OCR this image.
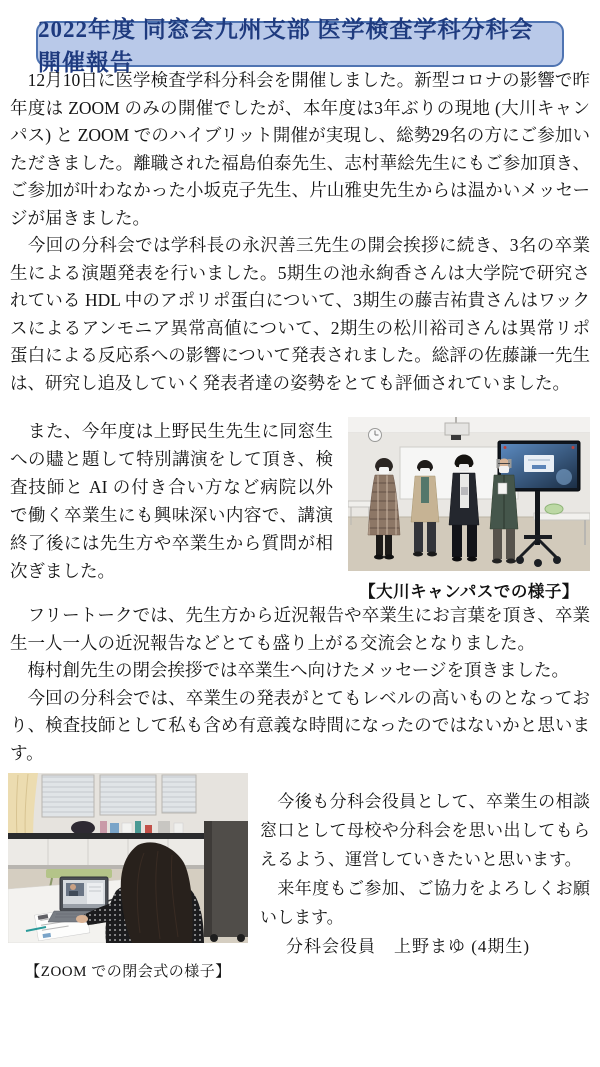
2022年度 同窓会九州支部 医学検査学科分科会 開催報告

　12月10日に医学検査学科分科会を開催しました。新型コロナの影響で昨年度は ZOOM のみの開催でしたが、本年度は3年ぶりの現地 (大川キャンパス) と ZOOM でのハイブリット開催が実現し、総勢29名の方にご参加いただきました。離職された福島伯泰先生、志村華絵先生にもご参加頂き、ご参加が叶わなかった小坂克子先生、片山雅史先生からは温かいメッセージが届きました。

　今回の分科会では学科長の永沢善三先生の開会挨拶に続き、3名の卒業生による演題発表を行いました。5期生の池永絢香さんは大学院で研究されている HDL 中のアポリポ蛋白について、3期生の藤吉祐貴さんはワックスによるアンモニア異常高値について、2期生の松川裕司さんは異常リポ蛋白による反応系への影響について発表されました。総評の佐藤謙一先生は、研究し追及していく発表者達の姿勢をとても評価されていました。

　また、今年度は上野民生先生に同窓生への贐と題して特別講演をして頂き、検査技師と AI の付き合い方など病院以外で働く卒業生にも興味深い内容で、講演終了後には先生方や卒業生から質問が相次ぎました。

【大川キャンパスでの様子】

　フリートークでは、先生方から近況報告や卒業生にお言葉を頂き、卒業生一人一人の近況報告などとても盛り上がる交流会となりました。

　梅村創先生の閉会挨拶では卒業生へ向けたメッセージを頂きました。

　今回の分科会では、卒業生の発表がとてもレベルの高いものとなっており、検査技師として私も含め有意義な時間になったのではないかと思います。

【ZOOM での閉会式の様子】

　今後も分科会役員として、卒業生の相談窓口として母校や分科会を思い出してもらえるよう、運営していきたいと思います。

　来年度もご参加、ご協力をよろしくお願いします。

分科会役員　上野まゆ (4期生)
